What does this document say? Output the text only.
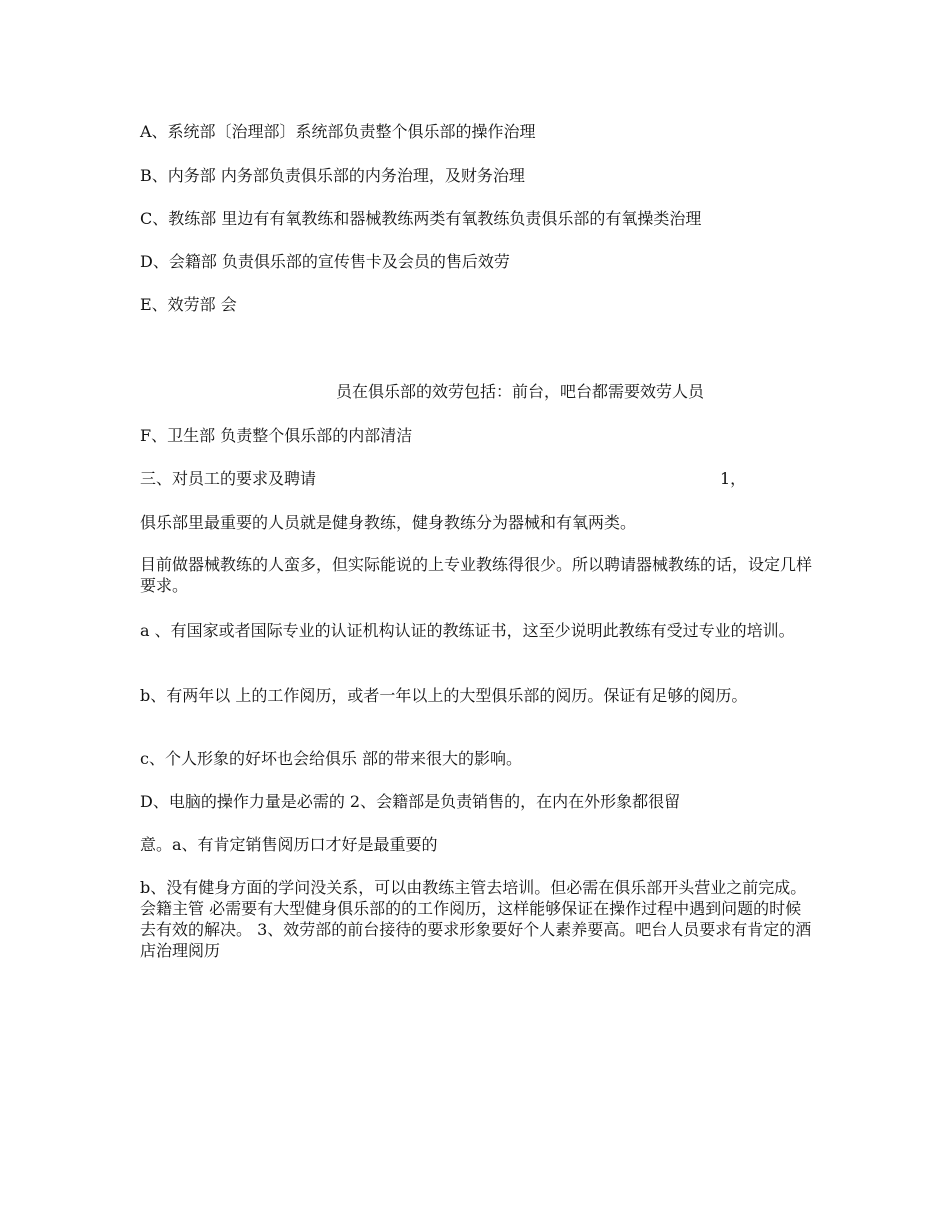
A、系统部〔治理部〕系统部负责整个俱乐部的操作治理
B、内务部 内务部负责俱乐部的内务治理，及财务治理
C、教练部 里边有有氧教练和器械教练两类有氧教练负责俱乐部的有氧操类治理
D、会籍部 负责俱乐部的宣传售卡及会员的售后效劳
E、效劳部 会
员在俱乐部的效劳包括：前台，吧台都需要效劳人员
F、卫生部 负责整个俱乐部的内部清洁
三、对员工的要求及聘请	1，
俱乐部里最重要的人员就是健身教练，健身教练分为器械和有氧两类。
目前做器械教练的人蛮多，但实际能说的上专业教练得很少。所以聘请器械教练的话，设定几样要求。
a 、有国家或者国际专业的认证机构认证的教练证书，这至少说明此教练有受过专业的培训。
b、有两年以 上的工作阅历，或者一年以上的大型俱乐部的阅历。保证有足够的阅历。
c、个人形象的好坏也会给俱乐 部的带来很大的影响。
D、电脑的操作力量是必需的 2、会籍部是负责销售的，在内在外形象都很留
意。a、有肯定销售阅历口才好是最重要的
b、没有健身方面的学问没关系，可以由教练主管去培训。但必需在俱乐部开头营业之前完成。会籍主管 必需要有大型健身俱乐部的的工作阅历，这样能够保证在操作过程中遇到问题的时候去有效的解决。 3、效劳部的前台接待的要求形象要好个人素养要高。吧台人员要求有肯定的酒店治理阅历
